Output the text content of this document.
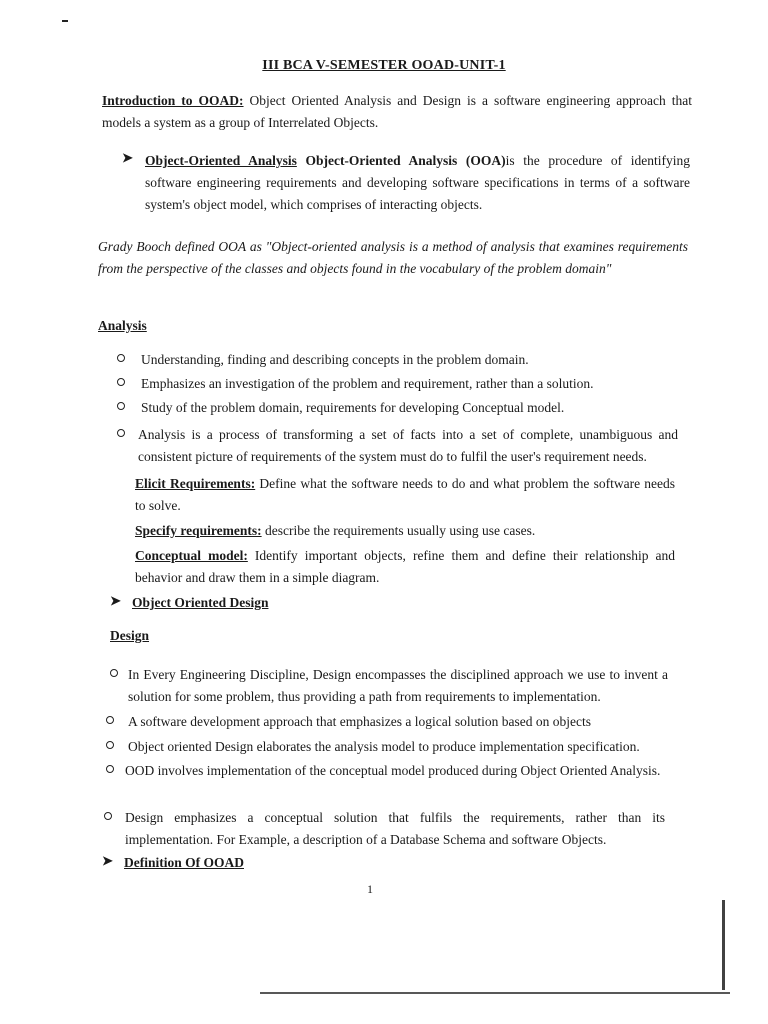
III BCA V-SEMESTER OOAD-UNIT-1
Introduction to OOAD: Object Oriented Analysis and Design is a software engineering approach that models a system as a group of Interrelated Objects.
➤ Object-Oriented Analysis Object-Oriented Analysis (OOA)is the procedure of identifying software engineering requirements and developing software specifications in terms of a software system's object model, which comprises of interacting objects.
Grady Booch defined OOA as "Object-oriented analysis is a method of analysis that examines requirements from the perspective of the classes and objects found in the vocabulary of the problem domain"
Analysis
Understanding, finding and describing concepts in the problem domain.
Emphasizes an investigation of the problem and requirement, rather than a solution.
Study of the problem domain, requirements for developing Conceptual model.
Analysis is a process of transforming a set of facts into a set of complete, unambiguous and consistent picture of requirements of the system must do to fulfil the user's requirement needs.
Elicit Requirements: Define what the software needs to do and what problem the software needs to solve.
Specify requirements: describe the requirements usually using use cases.
Conceptual model: Identify important objects, refine them and define their relationship and behavior and draw them in a simple diagram.
➤ Object Oriented Design
Design
In Every Engineering Discipline, Design encompasses the disciplined approach we use to invent a solution for some problem, thus providing a path from requirements to implementation.
A software development approach that emphasizes a logical solution based on objects
Object oriented Design elaborates the analysis model to produce implementation specification.
OOD involves implementation of the conceptual model produced during Object Oriented Analysis.
Design emphasizes a conceptual solution that fulfils the requirements, rather than its implementation. For Example, a description of a Database Schema and software Objects.
➤ Definition Of OOAD
1
